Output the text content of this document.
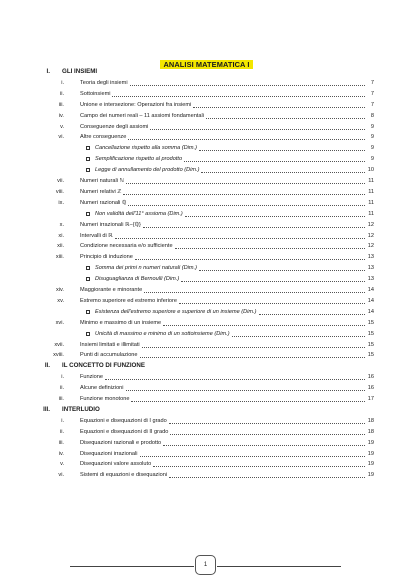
ANALISI MATEMATICA I
I. GLI INSIEMI
i.	Teoria degli insiemi	7
ii.	Sottoinsiemi	7
iii.	Unione e intersezione: Operazioni fra insiemi	7
iv.	Campo dei numeri reali – 11 assiomi fondamentali	8
v.	Conseguenze degli assiomi	9
vi.	Altre conseguenze	9
Cancellazione rispetto alla somma (Dim.)	9
Semplificazione rispetto al prodotto	9
Legge di annullamento del prodotto (Dim.)	10
vii.	Numeri naturali ℕ	11
viii.	Numeri relativi ℤ	11
ix.	Numeri razionali ℚ	11
Non validità dell'11° assioma (Dim.)	11
x.	Numeri irrazionali ℝ−{ℚ}	12
xi.	Intervalli di ℝ	12
xii.	Condizione necessaria e/o sufficiente	12
xiii.	Principio di induzione	13
Somma dei primi n numeri naturali (Dim.)	13
Disuguaglianza di Bernoulli (Dim.)	13
xiv.	Maggiorante e minorante	14
xv.	Estremo superiore ed estremo inferiore	14
Esistenza dell'estremo superiore e superiore di un insieme (Dim.)	14
xvi.	Minimo e massimo di un insieme	15
Unicità di massimo e minimo di un sottoinsieme (Dim.)	15
xvii.	Insiemi limitati e illimitati	15
xviii.	Punti di accumulazione	15
II. IL CONCETTO DI FUNZIONE
i.	Funzione	16
ii.	Alcune definizioni	16
iii.	Funzione monotone	17
III. INTERLUDIO
i.	Equazioni e disequazioni di I grado	18
ii.	Equazioni e disequazioni di II grado	18
iii.	Disequazioni razionali e prodotto	19
iv.	Disequazioni irrazionali	19
v.	Disequazioni valore assoluto	19
vi.	Sistemi di equazioni e disequazioni	19
1
